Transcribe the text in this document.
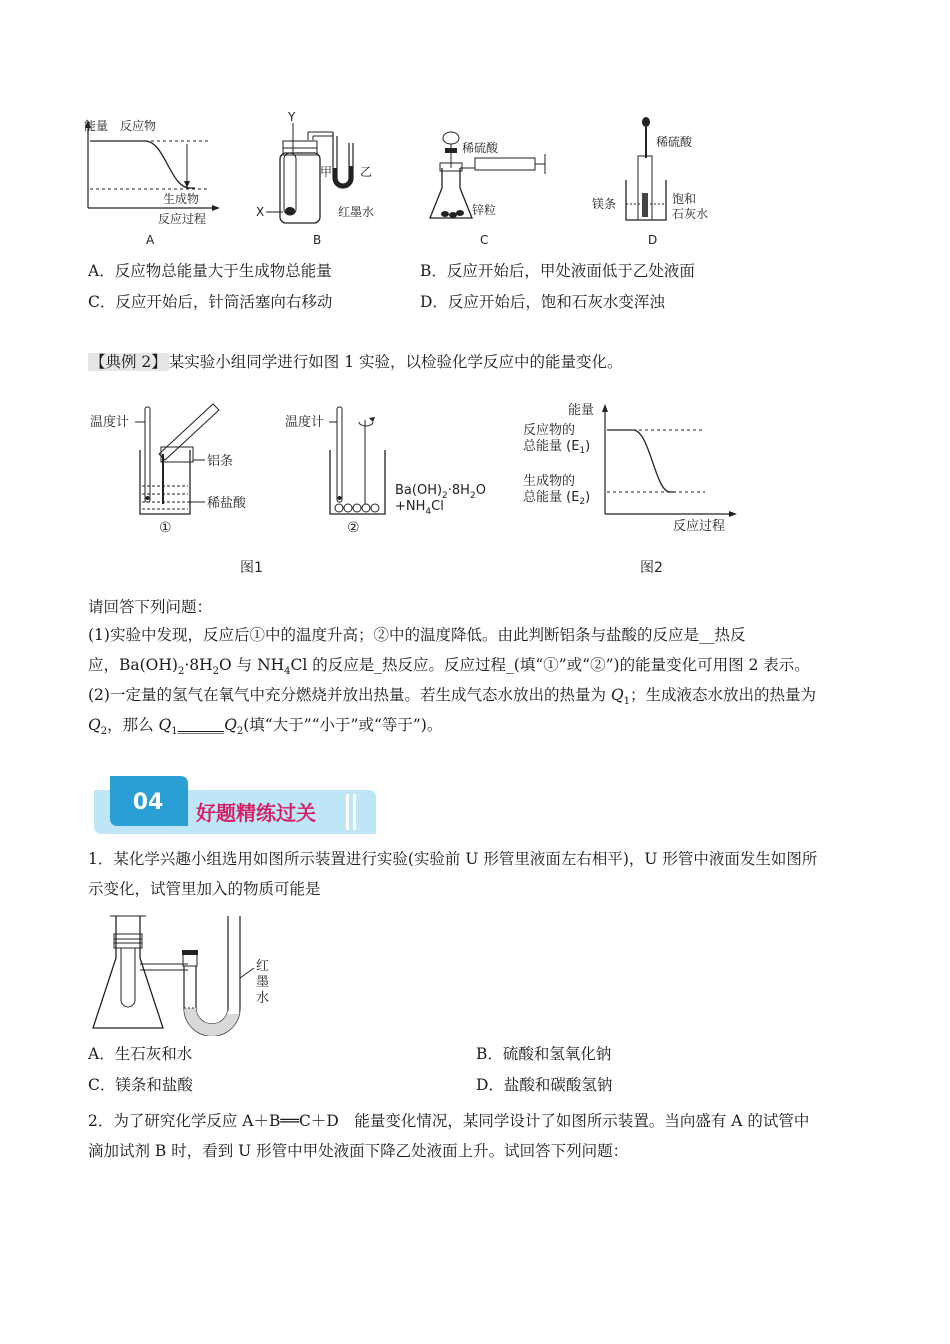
能量 反应物
生成物
反应过程
A
Y
X
甲 乙
红墨水
B
稀硫酸
锌粒
C
稀硫酸
镁条	饱和
石灰水
D
A．反应物总能量大于生成物总能量	B．反应开始后，甲处液面低于乙处液面
C．反应开始后，针筒活塞向右移动	D．反应开始后，饱和石灰水变浑浊
【典例 2】 某实验小组同学进行如图 1 实验，以检验化学反应中的能量变化。
温度计
铝条
稀盐酸
①
温度计
$Ba(OH)_2\cdot 8H_2O$
$+NH_4Cl$
②
图1
能量
反应物的
总能量 $(E_1)$
生成物的
总能量 $(E_2)$
反应过程
图2
请回答下列问题：
(1)实验中发现，反应后①中的温度升高；②中的温度降低。由此判断铝条与盐酸的反应是__热反
应，$Ba(OH)_2\cdot 8H_2O$ 与 $NH_4Cl$ 的反应是_热反应。反应过程_(填“①”或“②”)的能量变化可用图 2 表示。
(2)一定量的氢气在氧气中充分燃烧并放出热量。若生成气态水放出的热量为 $Q_1$；生成液态水放出的热量为
$Q_2$，那么 $Q_1\_\_\_\_\_\_Q_2$(填“大于”“小于”或“等于”)。
04 好题精练过关
1．某化学兴趣小组选用如图所示装置进行实验(实验前 U 形管里液面左右相平)，U 形管中液面发生如图所
示变化，试管里加入的物质可能是
红
墨
水
A．生石灰和水	B．硫酸和氢氧化钠
C．镁条和盐酸	D．盐酸和碳酸氢钠
2．为了研究化学反应 A＋B══C＋D　能量变化情况，某同学设计了如图所示装置。当向盛有 A 的试管中
滴加试剂 B 时，看到 U 形管中甲处液面下降乙处液面上升。试回答下列问题：
